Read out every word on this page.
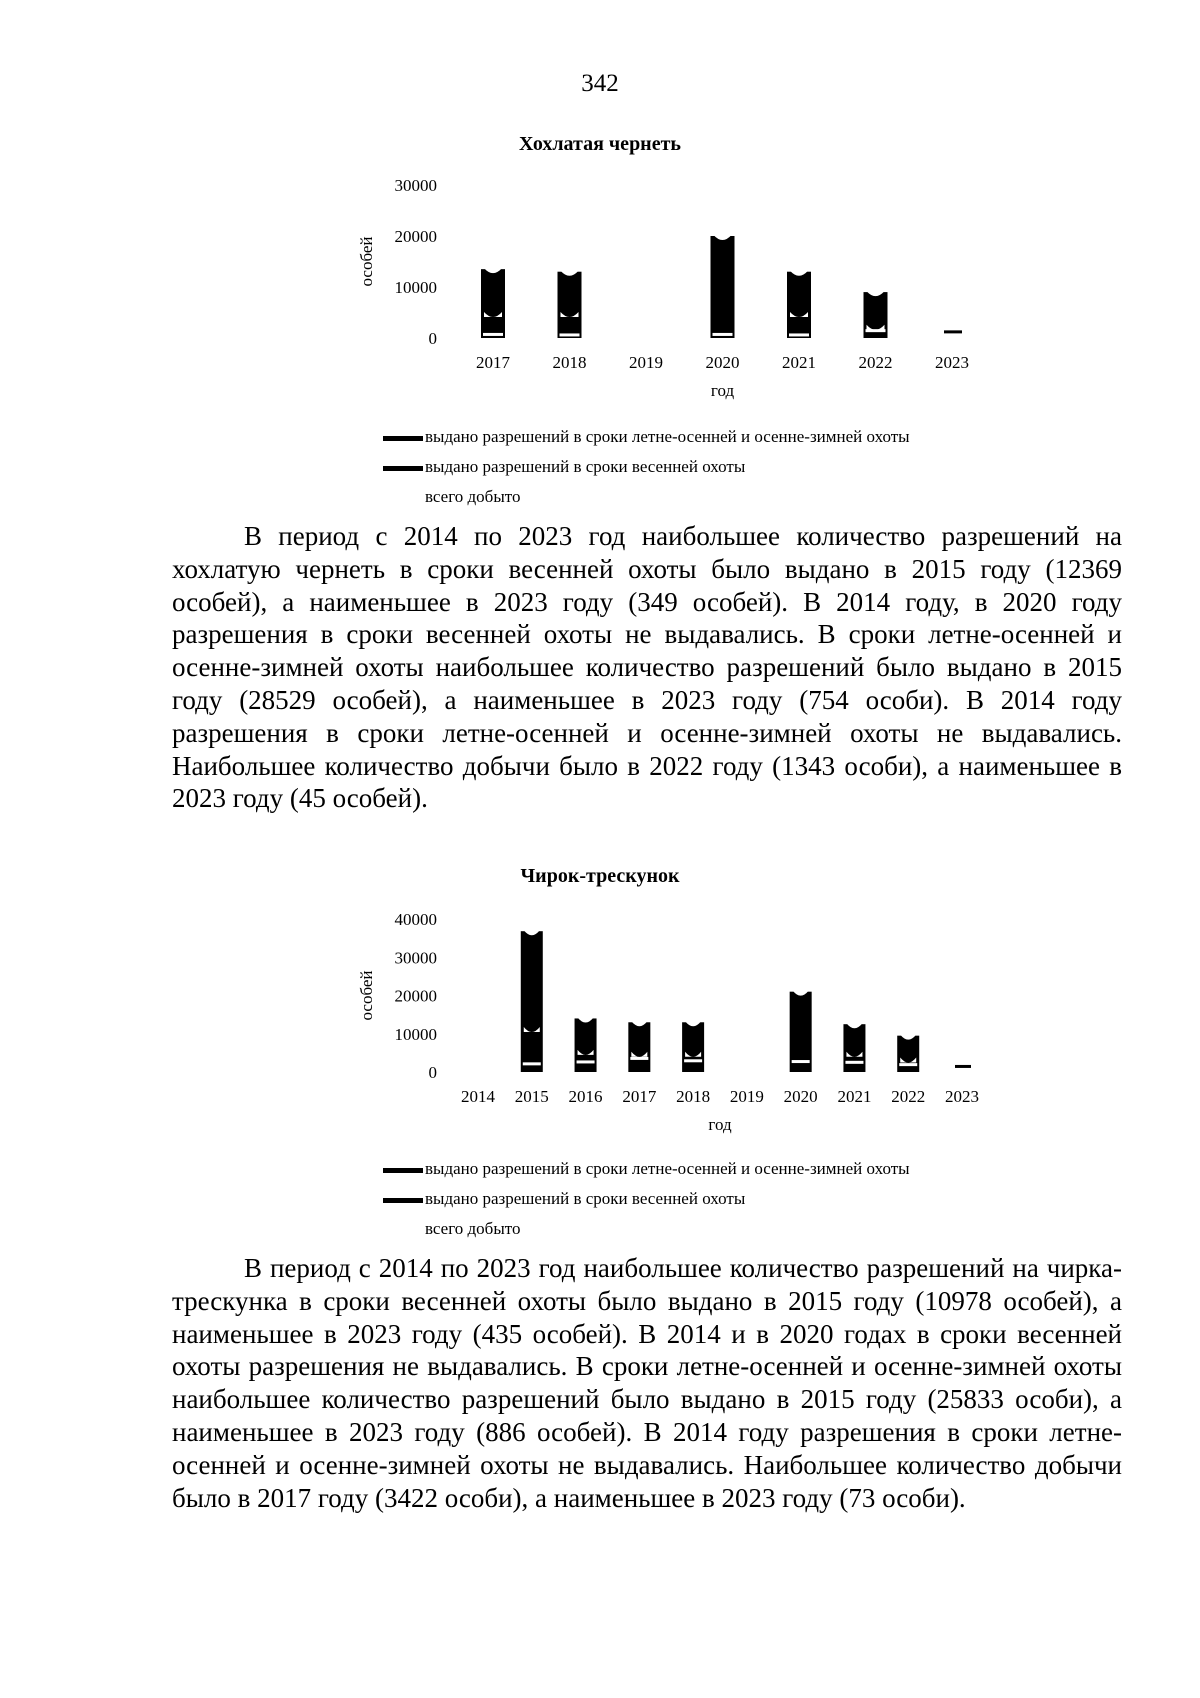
342
Хохлатая чернеть
0
10000
20000
30000
особей
2017	2018	2019	2020	2021	2022	2023
год
выдано разрешений в сроки летне-осенней и осенне-зимней охоты
выдано разрешений в сроки весенней охоты
всего добыто

В период с 2014 по 2023 год наибольшее количество разрешений на хохлатую чернеть в сроки весенней охоты было выдано в 2015 году (12369 особей), а наименьшее в 2023 году (349 особей). В 2014 году, в 2020 году разрешения в сроки весенней охоты не выдавались. В сроки летне-осенней и осенне-зимней охоты наибольшее количество разрешений было выдано в 2015 году (28529 особей), а наименьшее в 2023 году (754 особи). В 2014 году разрешения в сроки летне-осенней и осенне-зимней охоты не выдавались. Наибольшее количество добычи было в 2022 году (1343 особи), а наименьшее в 2023 году (45 особей).

Чирок-трескунок
0
10000
20000
30000
40000
особей
2014 2015 2016 2017 2018 2019 2020 2021 2022 2023
год
выдано разрешений в сроки летне-осенней и осенне-зимней охоты
выдано разрешений в сроки весенней охоты
всего добыто

В период с 2014 по 2023 год наибольшее количество разрешений на чирка-трескунка в сроки весенней охоты было выдано в 2015 году (10978 особей), а наименьшее в 2023 году (435 особей). В 2014 и в 2020 годах в сроки весенней охоты разрешения не выдавались. В сроки летне-осенней и осенне-зимней охоты наибольшее количество разрешений было выдано в 2015 году (25833 особи), а наименьшее в 2023 году (886 особей). В 2014 году разрешения в сроки летне-осенней и осенне-зимней охоты не выдавались. Наибольшее количество добычи было в 2017 году (3422 особи), а наименьшее в 2023 году (73 особи).
